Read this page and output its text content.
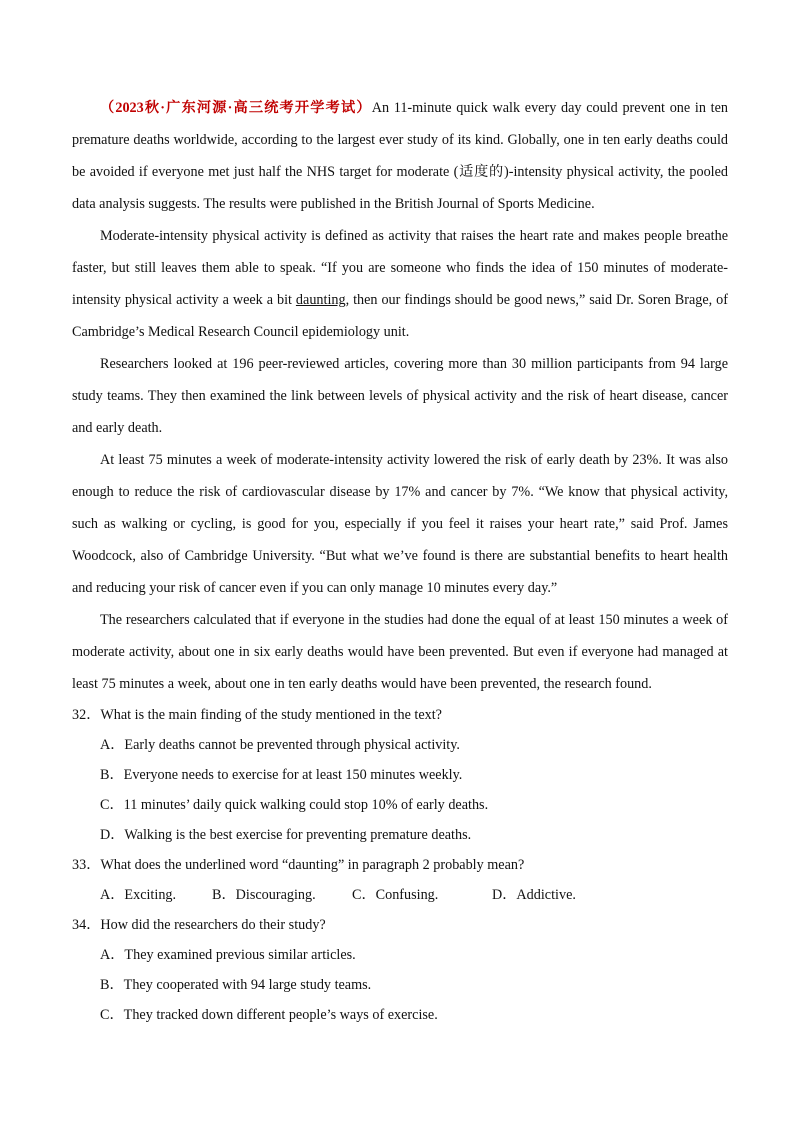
（2023秋·广东河源·高三统考开学考试）An 11-minute quick walk every day could prevent one in ten premature deaths worldwide, according to the largest ever study of its kind. Globally, one in ten early deaths could be avoided if everyone met just half the NHS target for moderate (适度的)-intensity physical activity, the pooled data analysis suggests. The results were published in the British Journal of Sports Medicine.

Moderate-intensity physical activity is defined as activity that raises the heart rate and makes people breathe faster, but still leaves them able to speak. “If you are someone who finds the idea of 150 minutes of moderate-intensity physical activity a week a bit daunting, then our findings should be good news,” said Dr. Soren Brage, of Cambridge’s Medical Research Council epidemiology unit.

Researchers looked at 196 peer-reviewed articles, covering more than 30 million participants from 94 large study teams. They then examined the link between levels of physical activity and the risk of heart disease, cancer and early death.

At least 75 minutes a week of moderate-intensity activity lowered the risk of early death by 23%. It was also enough to reduce the risk of cardiovascular disease by 17% and cancer by 7%. “We know that physical activity, such as walking or cycling, is good for you, especially if you feel it raises your heart rate,” said Prof. James Woodcock, also of Cambridge University. “But what we’ve found is there are substantial benefits to heart health and reducing your risk of cancer even if you can only manage 10 minutes every day.”

The researchers calculated that if everyone in the studies had done the equal of at least 150 minutes a week of moderate activity, about one in six early deaths would have been prevented. But even if everyone had managed at least 75 minutes a week, about one in ten early deaths would have been prevented, the research found.

32．What is the main finding of the study mentioned in the text?

A．Early deaths cannot be prevented through physical activity.

B．Everyone needs to exercise for at least 150 minutes weekly.

C．11 minutes’ daily quick walking could stop 10% of early deaths.

D．Walking is the best exercise for preventing premature deaths.

33．What does the underlined word “daunting” in paragraph 2 probably mean?

A．Exciting.	B．Discouraging.	C．Confusing.	D．Addictive.

34．How did the researchers do their study?

A．They examined previous similar articles.

B．They cooperated with 94 large study teams.

C．They tracked down different people’s ways of exercise.
